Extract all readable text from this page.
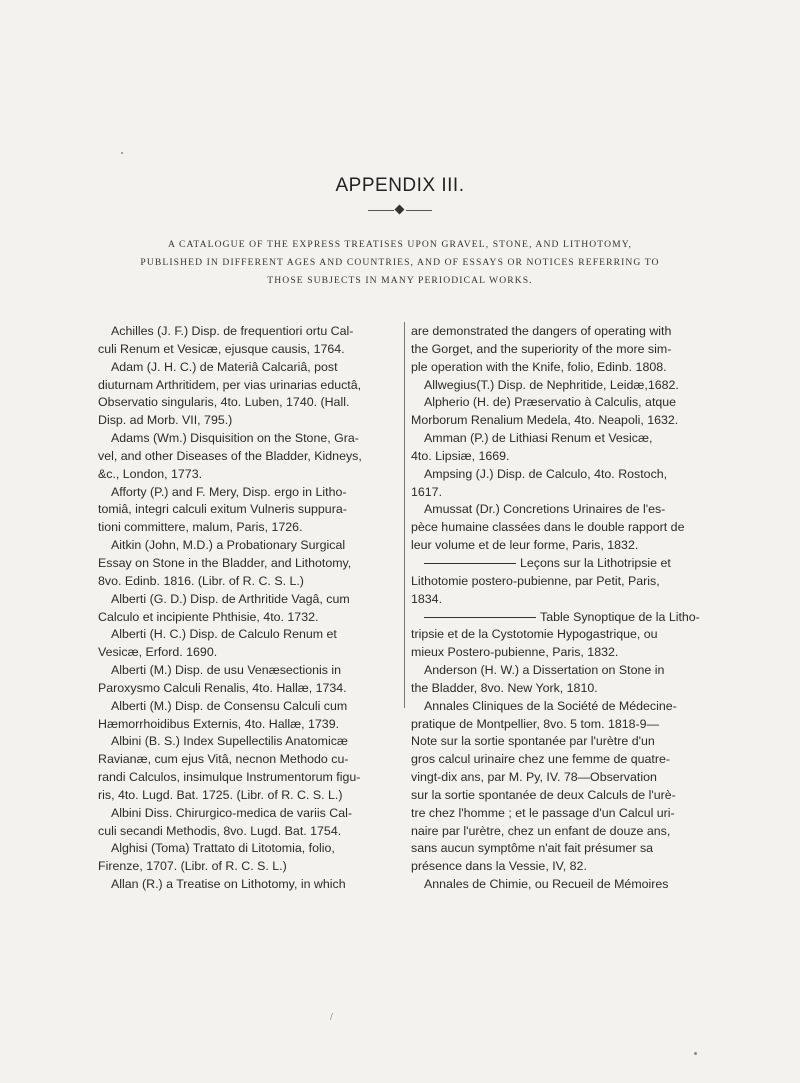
APPENDIX III.
A CATALOGUE OF THE EXPRESS TREATISES UPON GRAVEL, STONE, AND LITHOTOMY,
PUBLISHED IN DIFFERENT AGES AND COUNTRIES, AND OF ESSAYS OR NOTICES REFERRING TO
THOSE SUBJECTS IN MANY PERIODICAL WORKS.

Achilles (J. F.) Disp. de frequentiori ortu Cal-
culi Renum et Vesicæ, ejusque causis, 1764.

Adam (J. H. C.) de Materiâ Calcariâ, post
diuturnam Arthritidem, per vias urinarias eductâ,
Observatio singularis, 4to. Luben, 1740. (Hall.
Disp. ad Morb. VII, 795.)

Adams (Wm.) Disquisition on the Stone, Gra-
vel, and other Diseases of the Bladder, Kidneys,
&c., London, 1773.

Afforty (P.) and F. Mery, Disp. ergo in Litho-
tomiâ, integri calculi exitum Vulneris suppura-
tioni committere, malum, Paris, 1726.

Aitkin (John, M.D.) a Probationary Surgical
Essay on Stone in the Bladder, and Lithotomy,
8vo. Edinb. 1816. (Libr. of R. C. S. L.)

Alberti (G. D.) Disp. de Arthritide Vagâ, cum
Calculo et incipiente Phthisie, 4to. 1732.

Alberti (H. C.) Disp. de Calculo Renum et
Vesicæ, Erford. 1690.

Alberti (M.) Disp. de usu Venæsectionis in
Paroxysmo Calculi Renalis, 4to. Hallæ, 1734.

Alberti (M.) Disp. de Consensu Calculi cum
Hæmorrhoidibus Externis, 4to. Hallæ, 1739.

Albini (B. S.) Index Supellectilis Anatomicæ
Ravianæ, cum ejus Vitâ, necnon Methodo cu-
randi Calculos, insimulque Instrumentorum figu-
ris, 4to. Lugd. Bat. 1725. (Libr. of R. C. S. L.)

Albini Diss. Chirurgico-medica de variis Cal-
culi secandi Methodis, 8vo. Lugd. Bat. 1754.

Alghisi (Toma) Trattato di Litotomia, folio,
Firenze, 1707. (Libr. of R. C. S. L.)

Allan (R.) a Treatise on Lithotomy, in which

are demonstrated the dangers of operating with
the Gorget, and the superiority of the more sim-
ple operation with the Knife, folio, Edinb. 1808.

Allwegius(T.) Disp. de Nephritide, Leidæ,1682.

Alpherio (H. de) Præservatio à Calculis, atque
Morborum Renalium Medela, 4to. Neapoli, 1632.

Amman (P.) de Lithiasi Renum et Vesicæ,
4to. Lipsiæ, 1669.

Ampsing (J.) Disp. de Calculo, 4to. Rostoch,
1617.

Amussat (Dr.) Concretions Urinaires de l'es-
pèce humaine classées dans le double rapport de
leur volume et de leur forme, Paris, 1832.

Leçons sur la Lithotripsie et
Lithotomie postero-pubienne, par Petit, Paris,
1834.

Table Synoptique de la Litho-
tripsie et de la Cystotomie Hypogastrique, ou
mieux Postero-pubienne, Paris, 1832.

Anderson (H. W.) a Dissertation on Stone in
the Bladder, 8vo. New York, 1810.

Annales Cliniques de la Société de Médecine-
pratique de Montpellier, 8vo. 5 tom. 1818-9—
Note sur la sortie spontanée par l'urètre d'un
gros calcul urinaire chez une femme de quatre-
vingt-dix ans, par M. Py, IV. 78—Observation
sur la sortie spontanée de deux Calculs de l'urè-
tre chez l'homme ; et le passage d'un Calcul uri-
naire par l'urètre, chez un enfant de douze ans,
sans aucun symptôme n'ait fait présumer sa
présence dans la Vessie, IV, 82.

Annales de Chimie, ou Recueil de Mémoires

/
